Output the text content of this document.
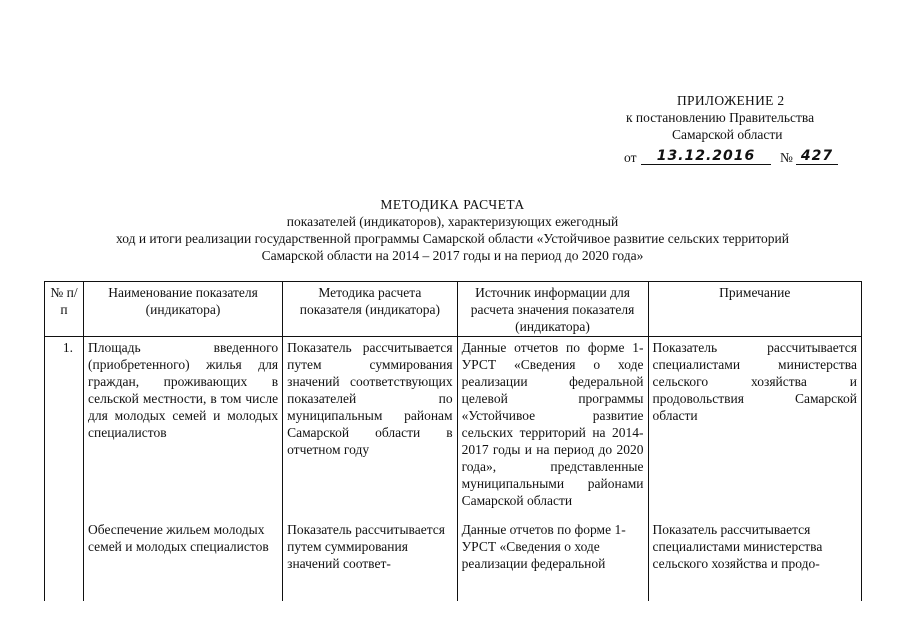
ПРИЛОЖЕНИЕ 2
к постановлению Правительства
Самарской области
от	13.12.2016	№ 427
МЕТОДИКА РАСЧЕТА
показателей (индикаторов), характеризующих ежегодный
ход и итоги реализации государственной программы Самарской области «Устойчивое развитие сельских территорий
Самарской области на 2014 – 2017 годы и на период до 2020 года»
№ п/п	Наименование показателя (индикатора)	Методика расчета показателя (индикатора)	Источник информации для расчета значения показателя (индикатора)	Примечание
1.	Площадь введенного (приобретенного) жилья для граждан, проживающих в сельской местности, в том числе для молодых семей и молодых специалистов	Показатель рассчитывается путем суммирования значений соответствующих показателей по муниципальным районам Самарской области в отчетном году	Данные отчетов по форме 1-УРСТ «Сведения о ходе реализации федеральной целевой программы «Устойчивое развитие сельских территорий на 2014-2017 годы и на период до 2020 года», представленные муниципальными районами Самарской области	Показатель рассчитывается специалистами министерства сельского хозяйства и продовольствия Самарской области
	Обеспечение жильем молодых семей и молодых специалистов	Показатель рассчитывается путем суммирования значений соответ-	Данные отчетов по форме 1-УРСТ «Сведения о ходе реализации федеральной	Показатель рассчитывается специалистами министерства сельского хозяйства и продо-
